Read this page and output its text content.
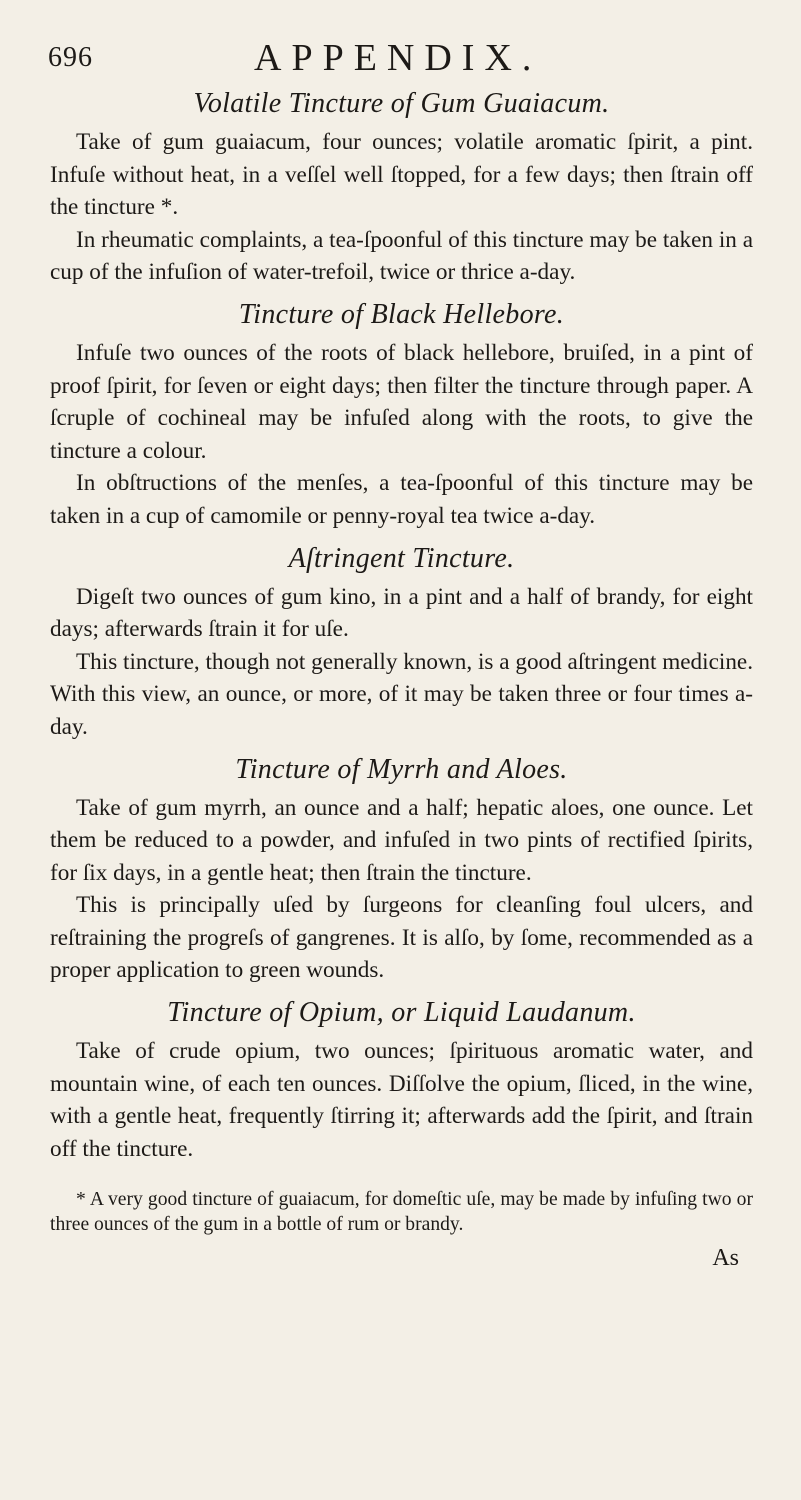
696	APPENDIX.
Volatile Tincture of Gum Guaiacum.

Take of gum guaiacum, four ounces; volatile aromatic ſpirit, a pint. Infuſe without heat, in a veſſel well ſtopped, for a few days; then ſtrain off the tincture *.

In rheumatic complaints, a tea-ſpoonful of this tincture may be taken in a cup of the infuſion of water-trefoil, twice or thrice a-day.

Tincture of Black Hellebore.

Infuſe two ounces of the roots of black hellebore, bruiſed, in a pint of proof ſpirit, for ſeven or eight days; then filter the tincture through paper. A ſcruple of cochineal may be infuſed along with the roots, to give the tincture a colour.

In obſtructions of the menſes, a tea-ſpoonful of this tincture may be taken in a cup of camomile or penny-royal tea twice a-day.

Aſtringent Tincture.

Digeſt two ounces of gum kino, in a pint and a half of brandy, for eight days; afterwards ſtrain it for uſe.

This tincture, though not generally known, is a good aſtringent medicine. With this view, an ounce, or more, of it may be taken three or four times a-day.

Tincture of Myrrh and Aloes.

Take of gum myrrh, an ounce and a half; hepatic aloes, one ounce. Let them be reduced to a powder, and infuſed in two pints of rectified ſpirits, for ſix days, in a gentle heat; then ſtrain the tincture.

This is principally uſed by ſurgeons for cleanſing foul ulcers, and reſtraining the progreſs of gangrenes. It is alſo, by ſome, recommended as a proper application to green wounds.

Tincture of Opium, or Liquid Laudanum.

Take of crude opium, two ounces; ſpirituous aromatic water, and mountain wine, of each ten ounces. Diſſolve the opium, ſliced, in the wine, with a gentle heat, frequently ſtirring it; afterwards add the ſpirit, and ſtrain off the tincture.

* A very good tincture of guaiacum, for domeſtic uſe, may be made by infuſing two or three ounces of the gum in a bottle of rum or brandy.

As
